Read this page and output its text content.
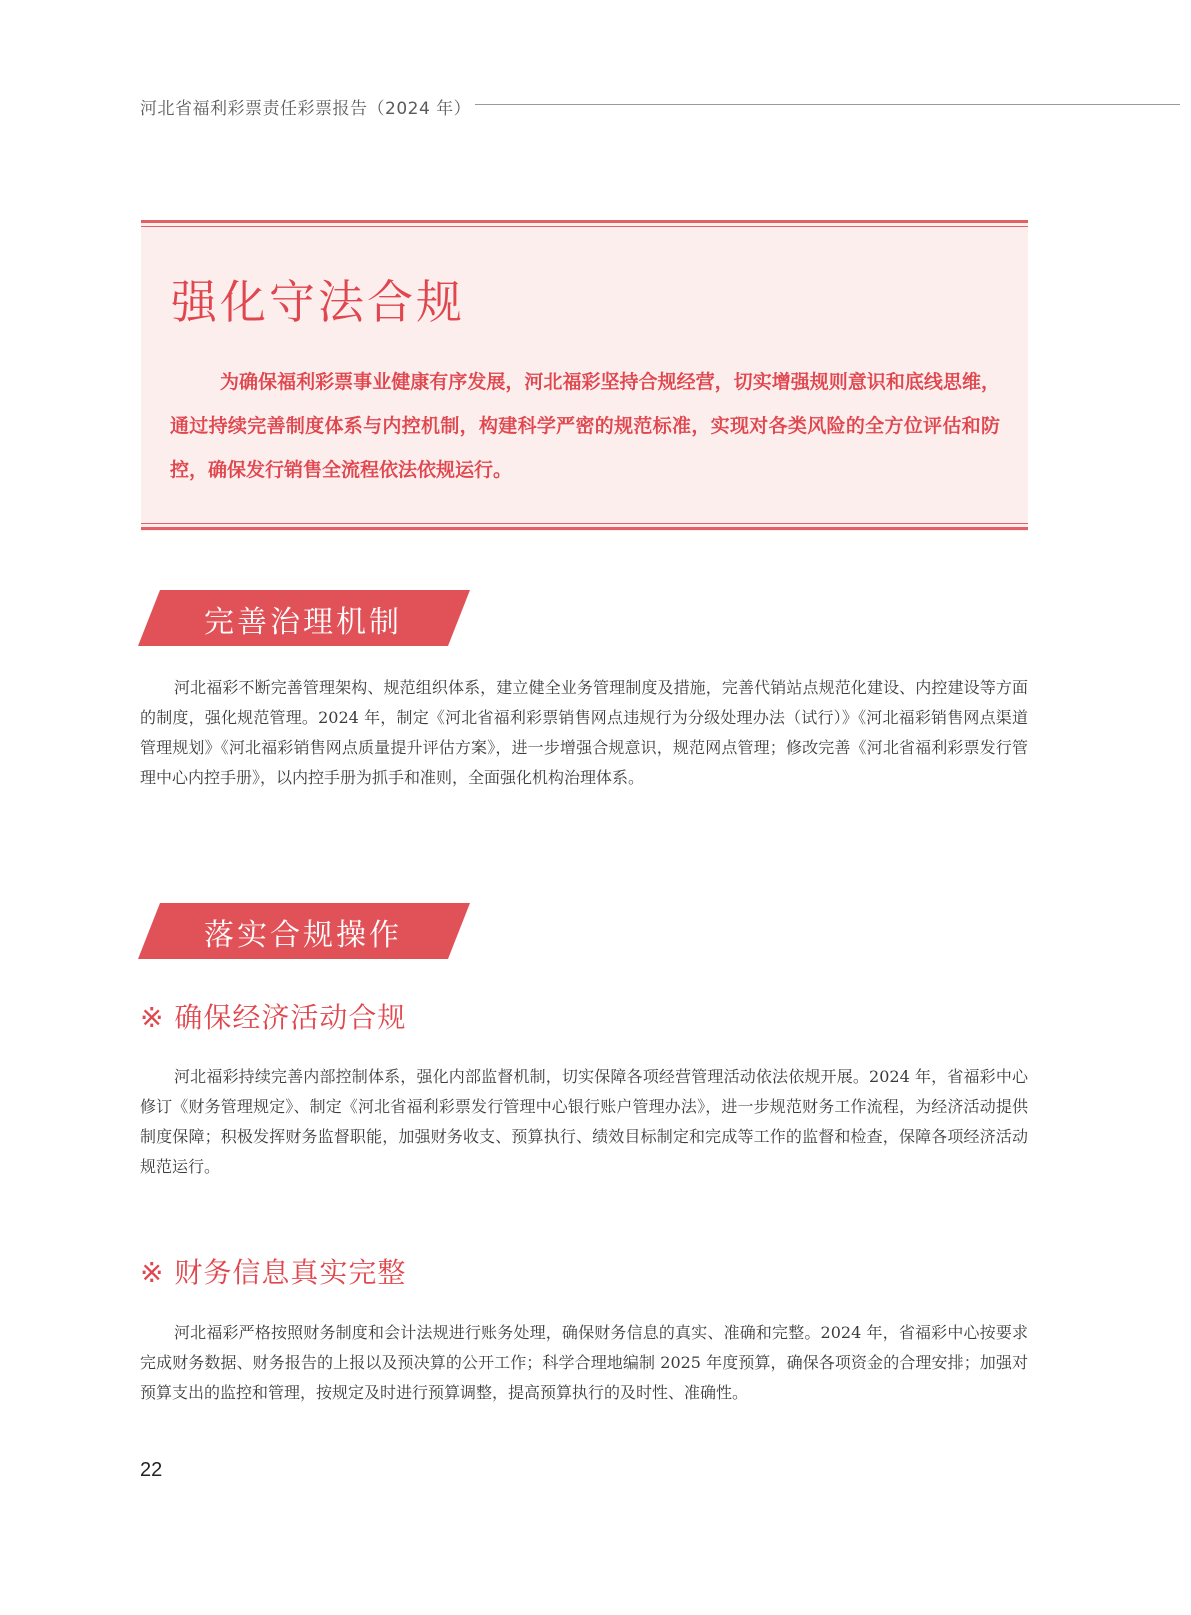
河北省福利彩票责任彩票报告（2024 年）
强化守法合规

为确保福利彩票事业健康有序发展，河北福彩坚持合规经营，切实增强规则意识和底线思维，通过持续完善制度体系与内控机制，构建科学严密的规范标准，实现对各类风险的全方位评估和防控，确保发行销售全流程依法依规运行。

完善治理机制

河北福彩不断完善管理架构、规范组织体系，建立健全业务管理制度及措施，完善代销站点规范化建设、内控建设等方面的制度，强化规范管理。2024 年，制定《河北省福利彩票销售网点违规行为分级处理办法（试行）》《河北福彩销售网点渠道管理规划》《河北福彩销售网点质量提升评估方案》，进一步增强合规意识，规范网点管理；修改完善《河北省福利彩票发行管理中心内控手册》，以内控手册为抓手和准则，全面强化机构治理体系。

落实合规操作
※ 确保经济活动合规

河北福彩持续完善内部控制体系，强化内部监督机制，切实保障各项经营管理活动依法依规开展。2024 年，省福彩中心修订《财务管理规定》、制定《河北省福利彩票发行管理中心银行账户管理办法》，进一步规范财务工作流程，为经济活动提供制度保障；积极发挥财务监督职能，加强财务收支、预算执行、绩效目标制定和完成等工作的监督和检查，保障各项经济活动规范运行。

※ 财务信息真实完整

河北福彩严格按照财务制度和会计法规进行账务处理，确保财务信息的真实、准确和完整。2024 年，省福彩中心按要求完成财务数据、财务报告的上报以及预决算的公开工作；科学合理地编制 2025 年度预算，确保各项资金的合理安排；加强对预算支出的监控和管理，按规定及时进行预算调整，提高预算执行的及时性、准确性。

22
